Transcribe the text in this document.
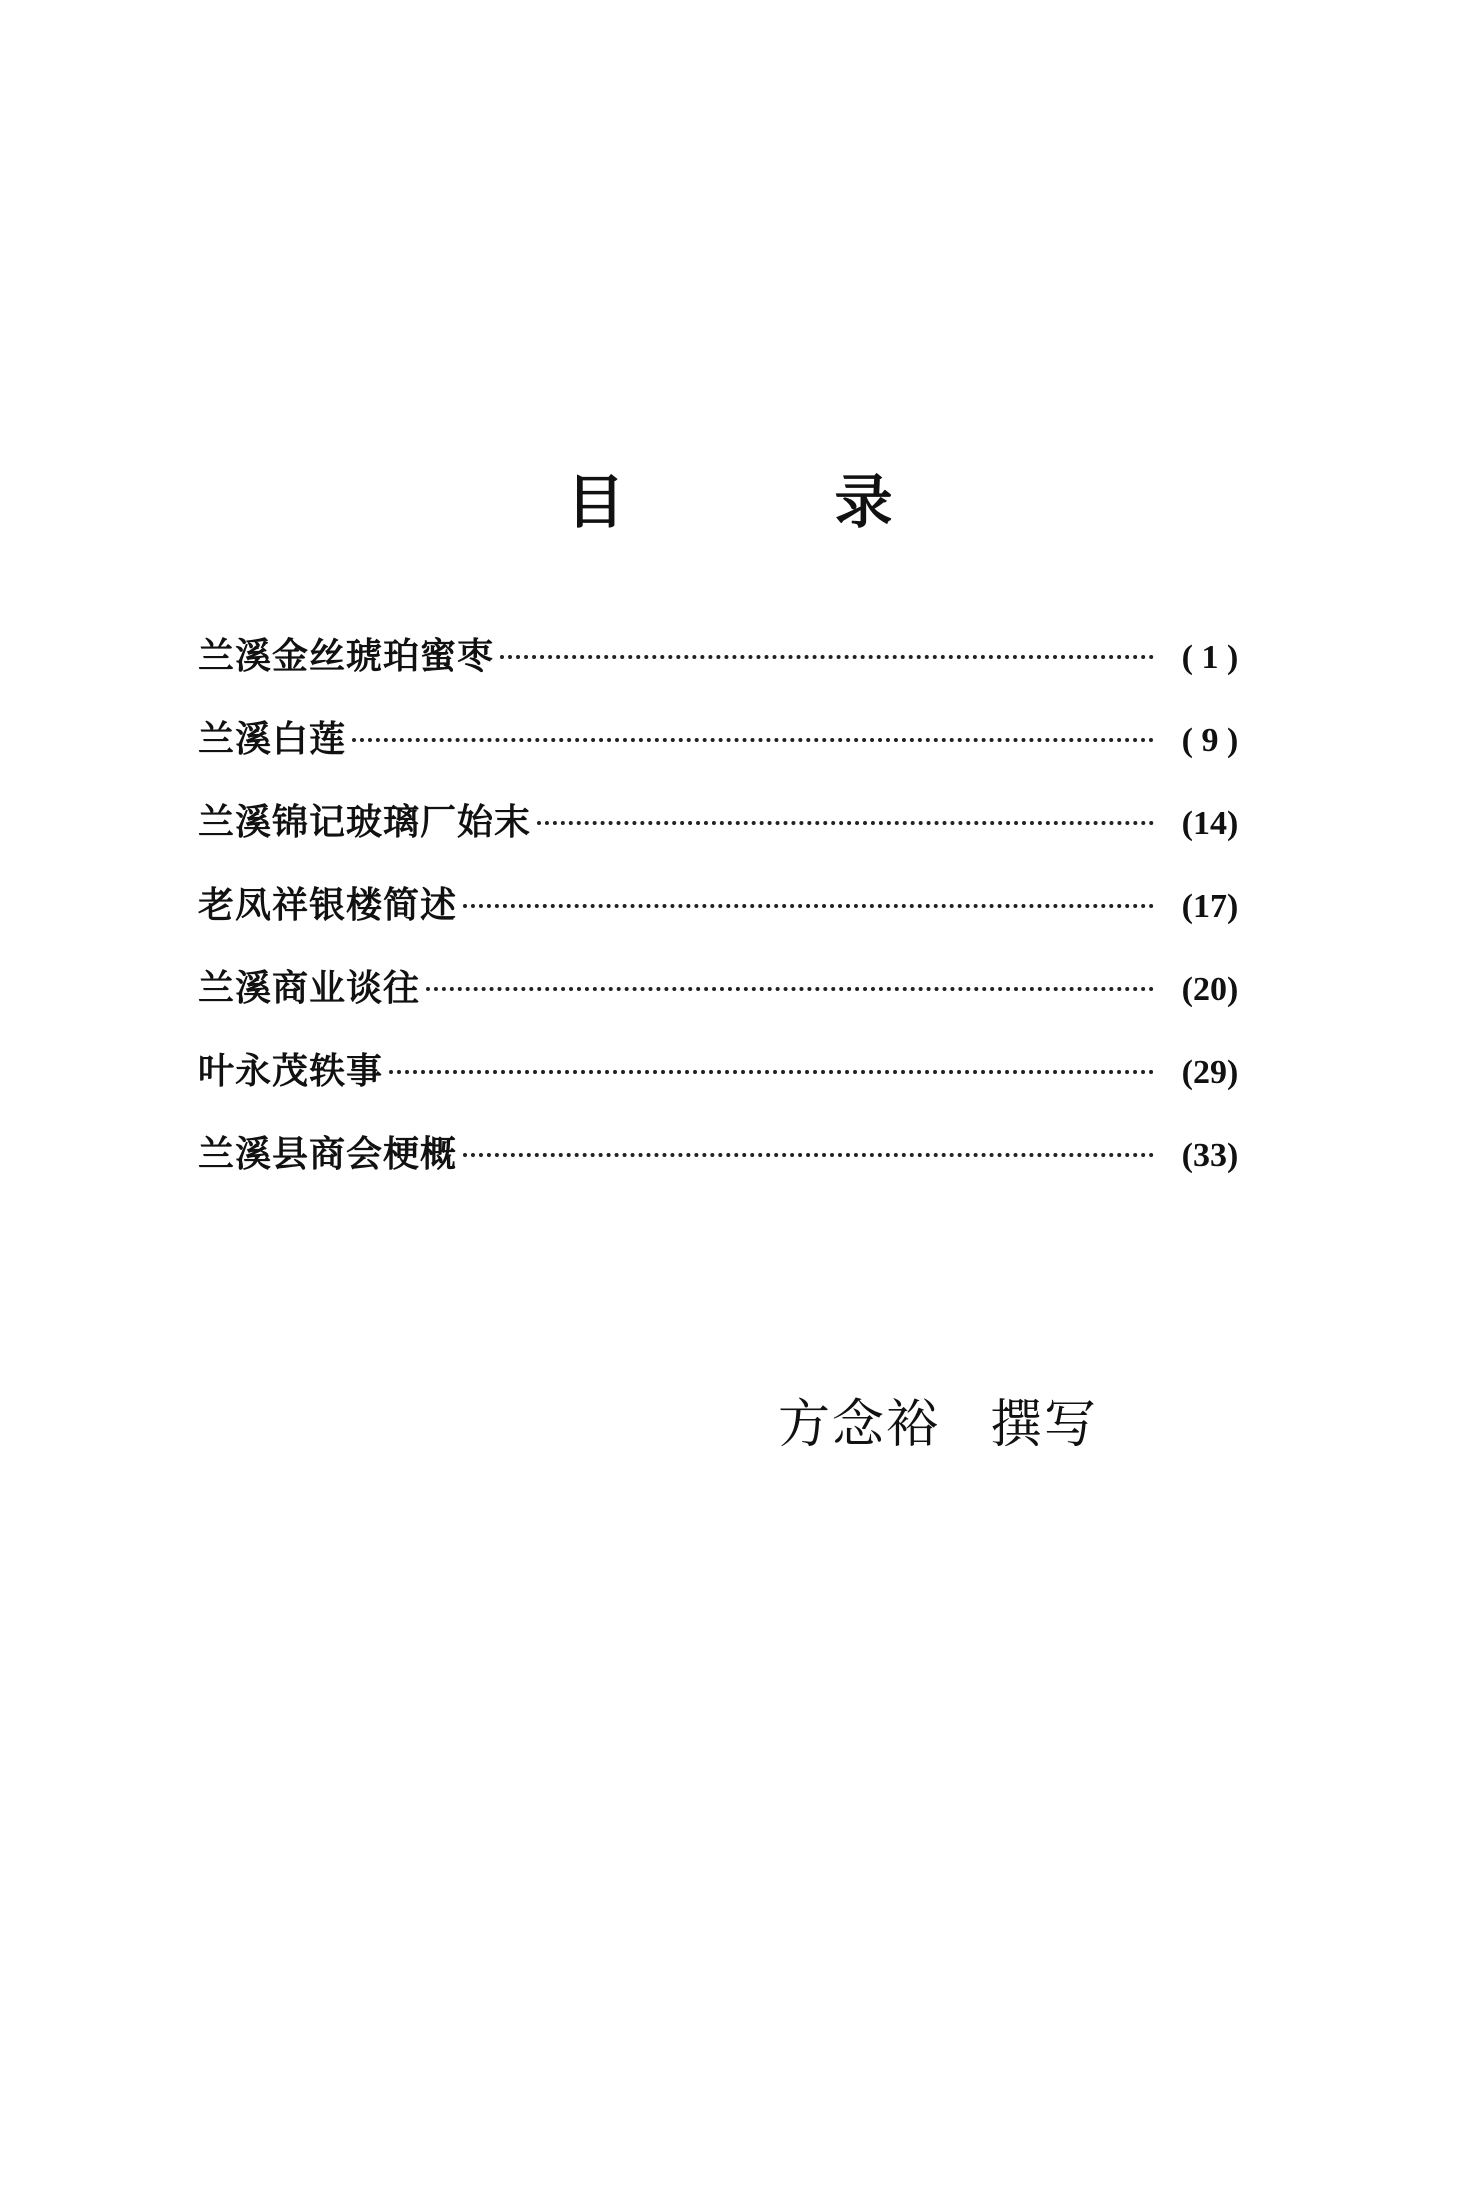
目	录
兰溪金丝琥珀蜜枣	( 1 )
兰溪白莲	( 9 )
兰溪锦记玻璃厂始末	(14)
老凤祥银楼简述	(17)
兰溪商业谈往	(20)
叶永茂轶事	(29)
兰溪县商会梗概	(33)
方念裕 撰写
